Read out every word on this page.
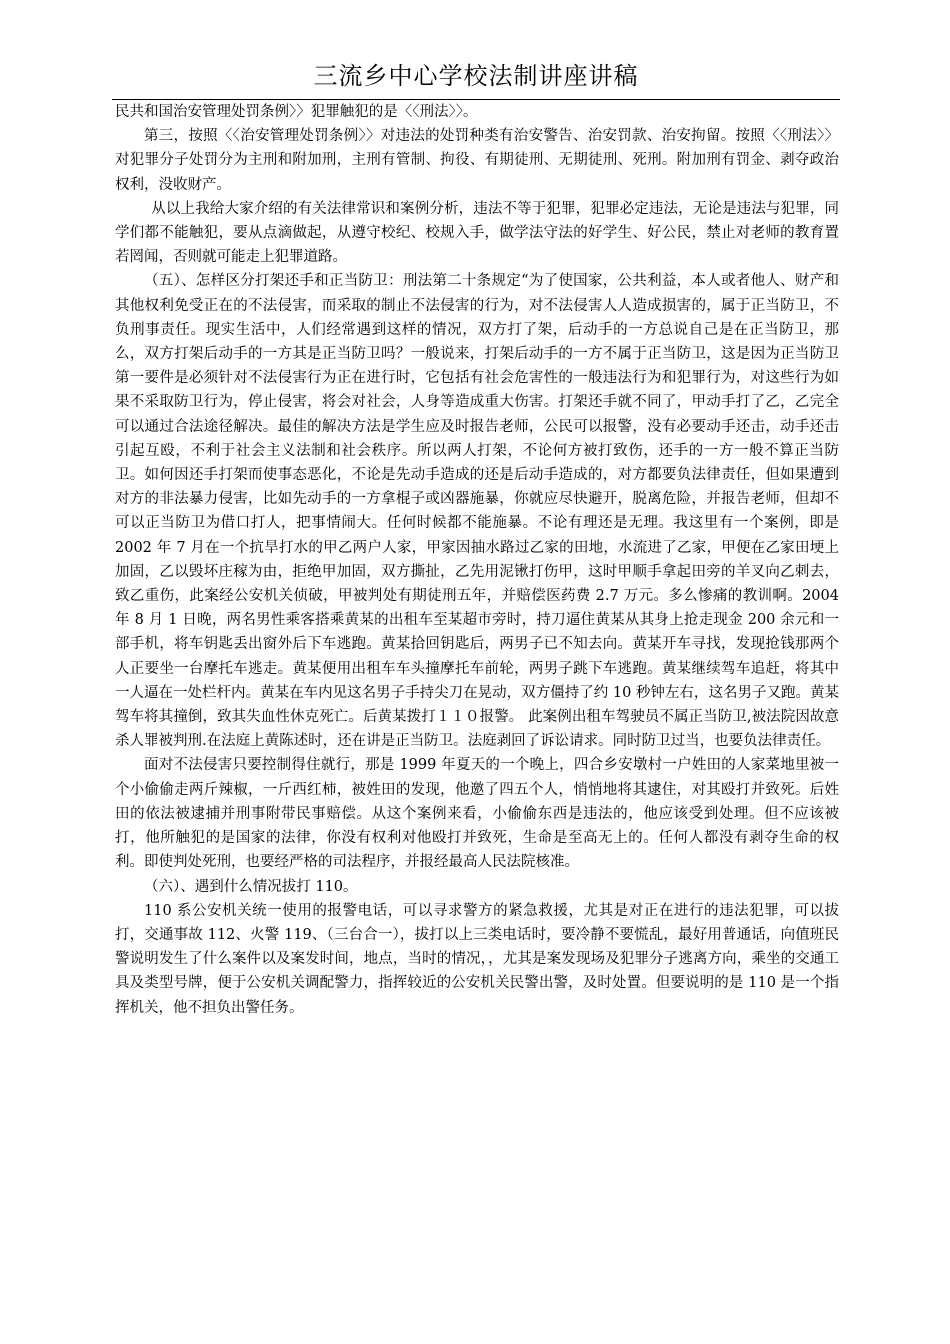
三流乡中心学校法制讲座讲稿

民共和国治安管理处罚条例〉〉犯罪触犯的是〈〈刑法〉〉。

第三，按照〈〈治安管理处罚条例〉〉对违法的处罚种类有治安警告、治安罚款、治安拘留。按照〈〈刑法〉〉对犯罪分子处罚分为主刑和附加刑，主刑有管制、拘役、有期徒刑、无期徒刑、死刑。附加刑有罚金、剥夺政治权利，没收财产。

从以上我给大家介绍的有关法律常识和案例分析，违法不等于犯罪，犯罪必定违法，无论是违法与犯罪，同学们都不能触犯，要从点滴做起，从遵守校纪、校规入手，做学法守法的好学生、好公民，禁止对老师的教育置若罔闻，否则就可能走上犯罪道路。

（五）、怎样区分打架还手和正当防卫：刑法第二十条规定“为了使国家，公共利益，本人或者他人、财产和其他权利免受正在的不法侵害，而采取的制止不法侵害的行为，对不法侵害人人造成损害的，属于正当防卫，不负刑事责任。现实生活中，人们经常遇到这样的情况，双方打了架，后动手的一方总说自己是在正当防卫，那么，双方打架后动手的一方其是正当防卫吗？一般说来，打架后动手的一方不属于正当防卫，这是因为正当防卫第一要件是必须针对不法侵害行为正在进行时，它包括有社会危害性的一般违法行为和犯罪行为，对这些行为如果不采取防卫行为，停止侵害，将会对社会，人身等造成重大伤害。打架还手就不同了，甲动手打了乙，乙完全可以通过合法途径解决。最佳的解决方法是学生应及时报告老师，公民可以报警，没有必要动手还击，动手还击引起互殴，不利于社会主义法制和社会秩序。所以两人打架，不论何方被打致伤，还手的一方一般不算正当防卫。如何因还手打架而使事态恶化，不论是先动手造成的还是后动手造成的，对方都要负法律责任，但如果遭到对方的非法暴力侵害，比如先动手的一方拿棍子或凶器施暴，你就应尽快避开，脱离危险，并报告老师，但却不可以正当防卫为借口打人，把事情闹大。任何时候都不能施暴。不论有理还是无理。我这里有一个案例，即是 2002 年 7 月在一个抗旱打水的甲乙两户人家，甲家因抽水路过乙家的田地，水流进了乙家，甲便在乙家田埂上加固，乙以毁坏庄稼为由，拒绝甲加固，双方撕扯，乙先用泥锹打伤甲，这时甲顺手拿起田旁的羊叉向乙刺去，致乙重伤，此案经公安机关侦破，甲被判处有期徒刑五年，并赔偿医药费 2.7 万元。多么惨痛的教训啊。2004 年 8 月 1 日晚，两名男性乘客搭乘黄某的出租车至某超市旁时，持刀逼住黄某从其身上抢走现金 200 余元和一部手机，将车钥匙丢出窗外后下车逃跑。黄某拾回钥匙后，两男子已不知去向。黄某开车寻找，发现抢钱那两个人正要坐一台摩托车逃走。黄某便用出租车车头撞摩托车前轮，两男子跳下车逃跑。黄某继续驾车追赶，将其中一人逼在一处栏杆内。黄某在车内见这名男子手持尖刀在晃动，双方僵持了约 10 秒钟左右，这名男子又跑。黄某驾车将其撞倒，致其失血性休克死亡。后黄某拨打１１０报警。 此案例出租车驾驶员不属正当防卫,被法院因故意杀人罪被判刑.在法庭上黄陈述时，还在讲是正当防卫。法庭剥回了诉讼请求。同时防卫过当，也要负法律责任。

面对不法侵害只要控制得住就行，那是 1999 年夏天的一个晚上，四合乡安墩村一户姓田的人家菜地里被一个小偷偷走两斤辣椒，一斤西红柿，被姓田的发现，他邀了四五个人，悄悄地将其逮住，对其殴打并致死。后姓田的依法被逮捕并刑事附带民事赔偿。从这个案例来看，小偷偷东西是违法的，他应该受到处理。但不应该被打，他所触犯的是国家的法律，你没有权利对他殴打并致死，生命是至高无上的。任何人都没有剥夺生命的权利。即使判处死刑，也要经严格的司法程序，并报经最高人民法院核准。

（六）、遇到什么情况拔打 110。

110 系公安机关统一使用的报警电话，可以寻求警方的紧急救援，尤其是对正在进行的违法犯罪，可以拔打，交通事故 112、火警 119、（三台合一），拔打以上三类电话时，要冷静不要慌乱，最好用普通话，向值班民警说明发生了什么案件以及案发时间，地点，当时的情况，，尤其是案发现场及犯罪分子逃离方向，乘坐的交通工具及类型号牌，便于公安机关调配警力，指挥较近的公安机关民警出警，及时处置。但要说明的是 110 是一个指挥机关，他不担负出警任务。
